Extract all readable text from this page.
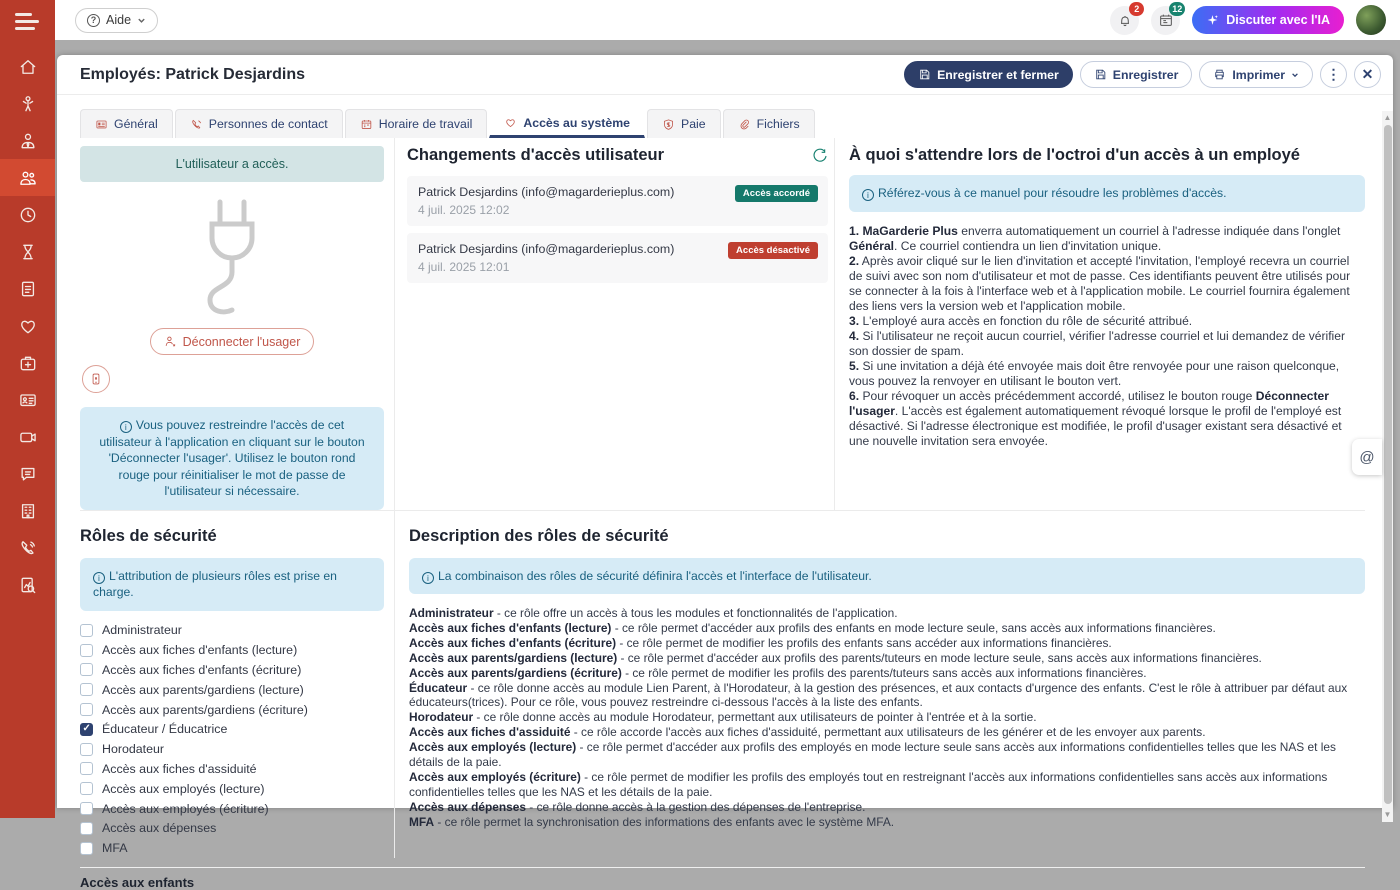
? Aide
2	12
Discuter avec l'IA
Employés: Patrick Desjardins	Enregistrer et fermer	Enregistrer	Imprimer	⋮	✕
Général	Personnes de contact	Horaire de travail	Accès au système	Paie	Fichiers
L'utilisateur a accès.
Déconnecter l'usager
i Vous pouvez restreindre l'accès de cet utilisateur à l'application en cliquant sur le bouton 'Déconnecter l'usager'. Utilisez le bouton rond rouge pour réinitialiser le mot de passe de l'utilisateur si nécessaire.
Changements d'accès utilisateur
Patrick Desjardins (info@magarderieplus.com)
4 juil. 2025 12:02
Accès accordé
Patrick Desjardins (info@magarderieplus.com)
4 juil. 2025 12:01
Accès désactivé
À quoi s'attendre lors de l'octroi d'un accès à un employé
i Référez-vous à ce manuel pour résoudre les problèmes d'accès.
1. MaGarderie Plus enverra automatiquement un courriel à l'adresse indiquée dans l'onglet Général. Ce courriel contiendra un lien d'invitation unique.
2. Après avoir cliqué sur le lien d'invitation et accepté l'invitation, l'employé recevra un courriel de suivi avec son nom d'utilisateur et mot de passe. Ces identifiants peuvent être utilisés pour se connecter à la fois à l'interface web et à l'application mobile. Le courriel fournira également des liens vers la version web et l'application mobile.
3. L'employé aura accès en fonction du rôle de sécurité attribué.
4. Si l'utilisateur ne reçoit aucun courriel, vérifier l'adresse courriel et lui demandez de vérifier son dossier de spam.
5. Si une invitation a déjà été envoyée mais doit être renvoyée pour une raison quelconque, vous pouvez la renvoyer en utilisant le bouton vert.
6. Pour révoquer un accès précédemment accordé, utilisez le bouton rouge Déconnecter l'usager. L'accès est également automatiquement révoqué lorsque le profil de l'employé est désactivé. Si l'adresse électronique est modifiée, le profil d'usager existant sera désactivé et une nouvelle invitation sera envoyée.
Rôles de sécurité
i L'attribution de plusieurs rôles est prise en charge.
Administrateur
Accès aux fiches d'enfants (lecture)
Accès aux fiches d'enfants (écriture)
Accès aux parents/gardiens (lecture)
Accès aux parents/gardiens (écriture)
✓
Éducateur / Éducatrice
Horodateur
Accès aux fiches d'assiduité
Accès aux employés (lecture)
Accès aux employés (écriture)
Accès aux dépenses
MFA
Description des rôles de sécurité
i La combinaison des rôles de sécurité définira l'accès et l'interface de l'utilisateur.
Administrateur - ce rôle offre un accès à tous les modules et fonctionnalités de l'application.
Accès aux fiches d'enfants (lecture) - ce rôle permet d'accéder aux profils des enfants en mode lecture seule, sans accès aux informations financières.
Accès aux fiches d'enfants (écriture) - ce rôle permet de modifier les profils des enfants sans accéder aux informations financières.
Accès aux parents/gardiens (lecture) - ce rôle permet d'accéder aux profils des parents/tuteurs en mode lecture seule, sans accès aux informations financières.
Accès aux parents/gardiens (écriture) - ce rôle permet de modifier les profils des parents/tuteurs sans accès aux informations financières.
Éducateur - ce rôle donne accès au module Lien Parent, à l'Horodateur, à la gestion des présences, et aux contacts d'urgence des enfants. C'est le rôle à attribuer par défaut aux éducateurs(trices). Pour ce rôle, vous pouvez restreindre ci-dessous l'accès à la liste des enfants.
Horodateur - ce rôle donne accès au module Horodateur, permettant aux utilisateurs de pointer à l'entrée et à la sortie.
Accès aux fiches d'assiduité - ce rôle accorde l'accès aux fiches d'assiduité, permettant aux utilisateurs de les générer et de les envoyer aux parents.
Accès aux employés (lecture) - ce rôle permet d'accéder aux profils des employés en mode lecture seule sans accès aux informations confidentielles telles que les NAS et les détails de la paie.
Accès aux employés (écriture) - ce rôle permet de modifier les profils des employés tout en restreignant l'accès aux informations confidentielles sans accès aux informations confidentielles telles que les NAS et les détails de la paie.
Accès aux dépenses - ce rôle donne accès à la gestion des dépenses de l'entreprise.
MFA - ce rôle permet la synchronisation des informations des enfants avec le système MFA.
Accès aux enfants
▲
▼
@
